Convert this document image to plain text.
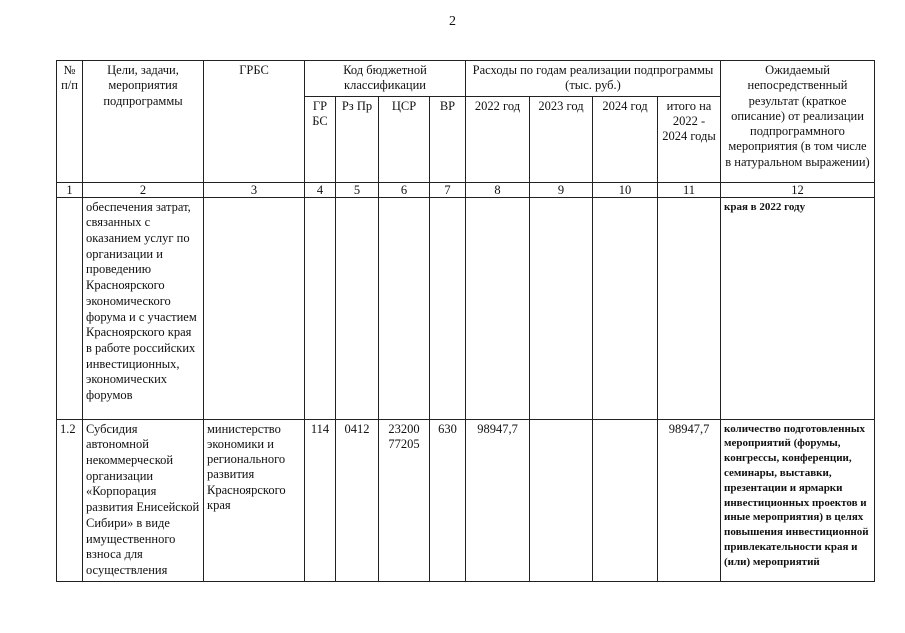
2
№ п/п	Цели, задачи, мероприятия подпрограммы	ГРБС	Код бюджетной классификации				Расходы по годам реализации подпрограммы (тыс. руб.)				Ожидаемый непосредственный результат (краткое описание) от реализации подпрограммного мероприятия (в том числе в натуральном выражении)
			ГР БС	Рз Пр	ЦСР	ВР	2022 год	2023 год	2024 год	итого на 2022 - 2024 годы	
1	2	3	4	5	6	7	8	9	10	11	12
	обеспечения затрат, связанных с оказанием услуг по организации и проведению Красноярского экономического форума и с участием Красноярского края в работе российских инвестиционных, экономических форумов										края в 2022 году
1.2	Субсидия автономной некоммерческой организации «Корпорация развития Енисейской Сибири» в виде имущественного взноса для осуществления	министерство экономики и регионального развития Красноярского края	114	0412	23200 77205	630	98947,7			98947,7	количество подготовленных мероприятий (форумы, конгрессы, конференции, семинары, выставки, презентации и ярмарки инвестиционных проектов и иные мероприятия) в целях повышения инвестиционной привлекательности края и (или) мероприятий
